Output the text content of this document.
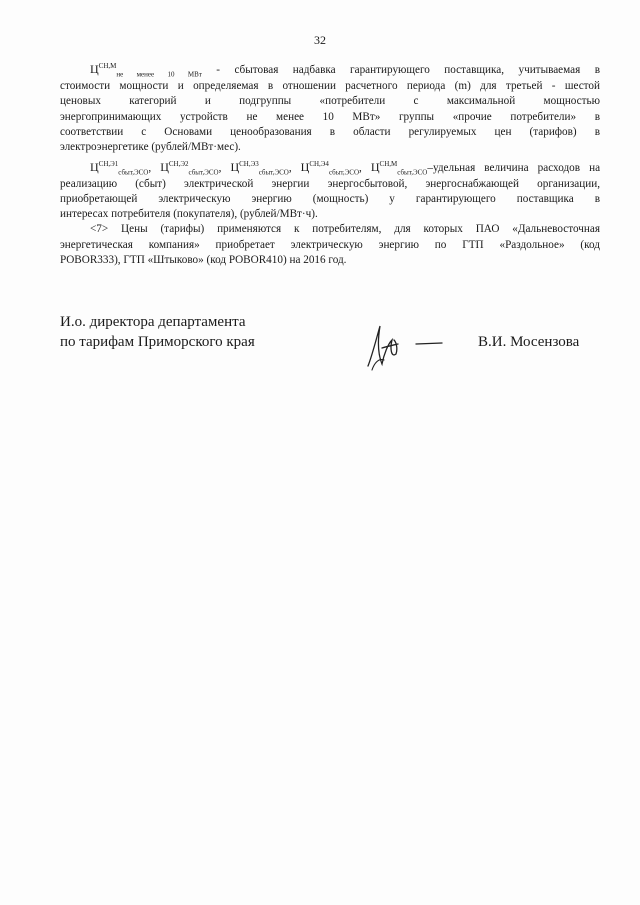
32
$Ц^{СН,М}_{не менее 10 МВт}$ - сбытовая надбавка гарантирующего поставщика, учитываемая в
стоимости мощности и определяемая в отношении расчетного периода (m) для третьей - шестой
ценовых категорий и подгруппы «потребители с максимальной мощностью
энергопринимающих устройств не менее 10 МВт» группы «прочие потребители» в
соответствии с Основами ценообразования в области регулируемых цен (тарифов) в
электроэнергетике (рублей/МВт·мес).
$Ц^{СН,Э1}_{сбыт,ЭСО}$, $Ц^{СН,Э2}_{сбыт,ЭСО}$, $Ц^{СН,Э3}_{сбыт,ЭСО}$, $Ц^{СН,Э4}_{сбыт,ЭСО}$, $Ц^{СН,М}_{сбыт,ЭСО}$–удельная величина расходов на
реализацию (сбыт) электрической энергии энергосбытовой, энергоснабжающей организации,
приобретающей электрическую энергию (мощность) у гарантирующего поставщика в
интересах потребителя (покупателя), (рублей/МВт·ч).
<7> Цены (тарифы) применяются к потребителям, для которых ПАО «Дальневосточная
энергетическая компания» приобретает электрическую энергию по ГТП «Раздольное» (код
POBOR333), ГТП «Штыково» (код POBOR410) на 2016 год.
И.о. директора департамента
по тарифам Приморского края	В.И. Мосензова
